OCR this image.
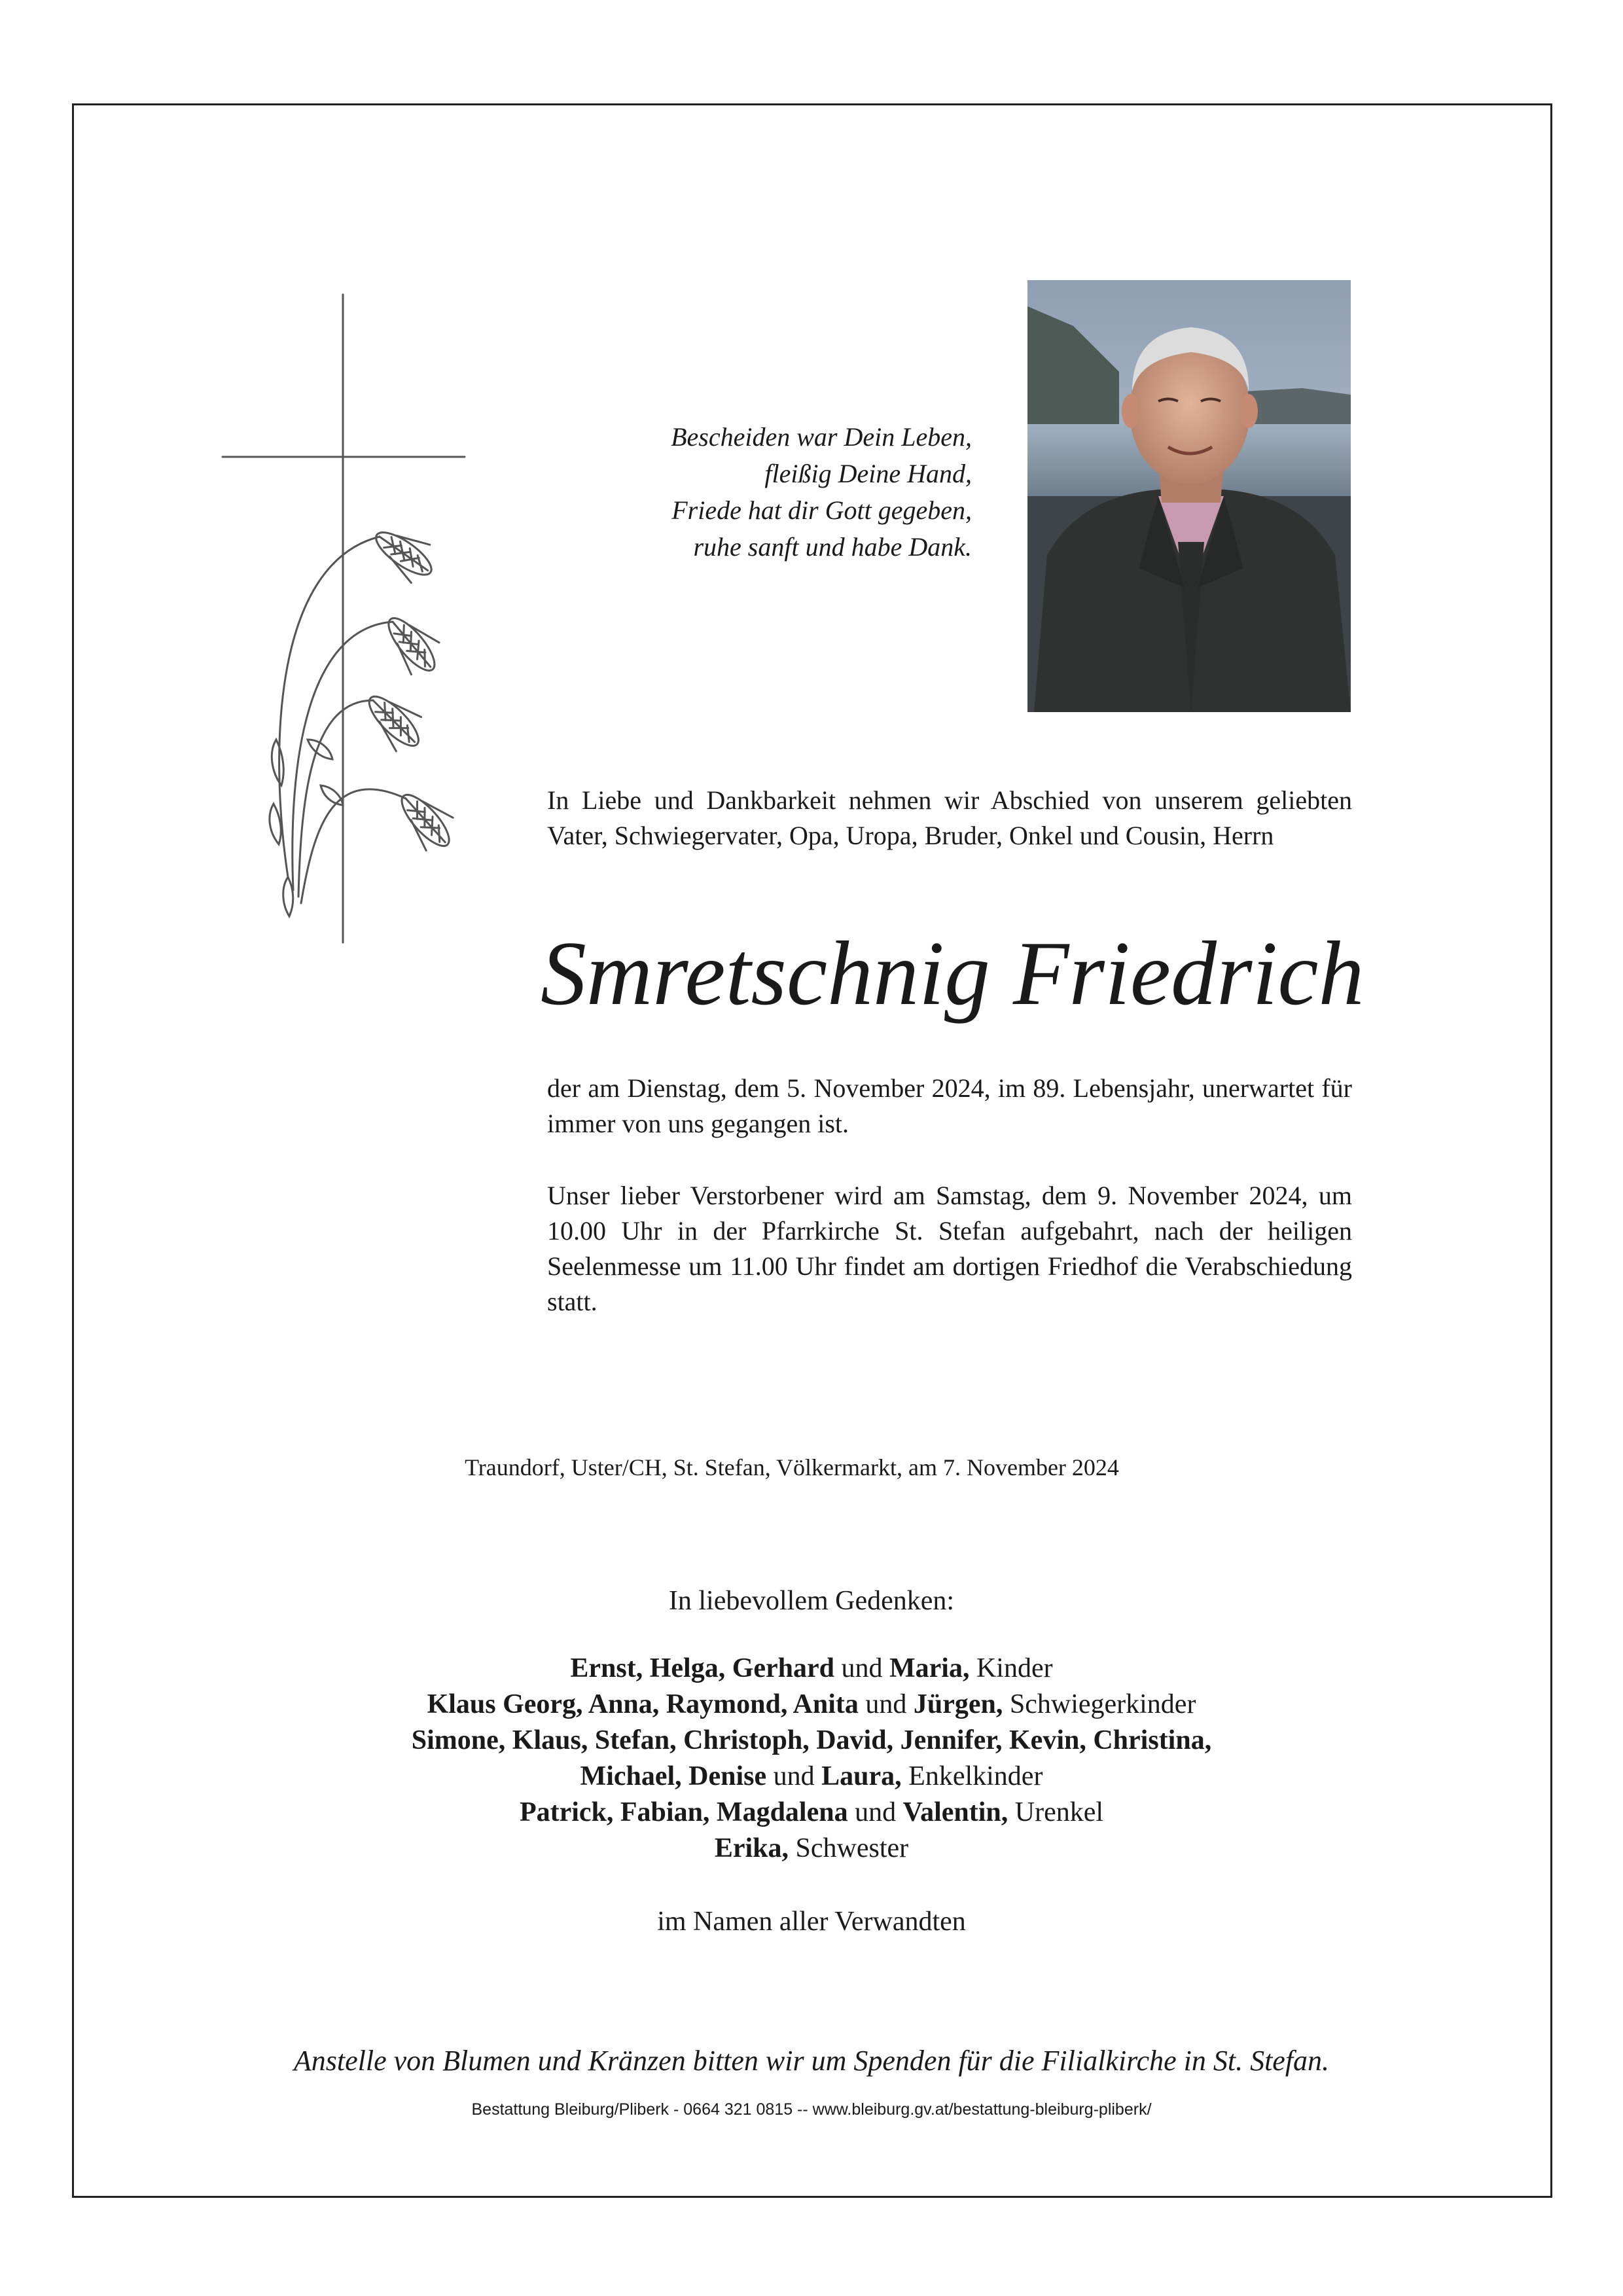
Bescheiden war Dein Leben,
fleißig Deine Hand,
Friede hat dir Gott gegeben,
ruhe sanft und habe Dank.
In Liebe und Dankbarkeit nehmen wir Abschied von unserem geliebten Vater, Schwiegervater, Opa, Uropa, Bruder, Onkel und Cousin, Herrn
Smretschnig Friedrich
der am Dienstag, dem 5. November 2024, im 89. Lebensjahr, unerwartet für immer von uns gegangen ist.
Unser lieber Verstorbener wird am Samstag, dem 9. November 2024, um 10.00 Uhr in der Pfarrkirche St. Stefan aufgebahrt, nach der heiligen Seelenmesse um 11.00 Uhr findet am dortigen Friedhof die Verabschiedung statt.
Traundorf, Uster/CH, St. Stefan, Völkermarkt, am 7. November 2024
In liebevollem Gedenken:
Ernst, Helga, Gerhard und Maria, Kinder
Klaus Georg, Anna, Raymond, Anita und Jürgen, Schwiegerkinder
Simone, Klaus, Stefan, Christoph, David, Jennifer, Kevin, Christina,
Michael, Denise und Laura, Enkelkinder
Patrick, Fabian, Magdalena und Valentin, Urenkel
Erika, Schwester
im Namen aller Verwandten
Anstelle von Blumen und Kränzen bitten wir um Spenden für die Filialkirche in St. Stefan.
Bestattung Bleiburg/Pliberk - 0664 321 0815 -- www.bleiburg.gv.at/bestattung-bleiburg-pliberk/
